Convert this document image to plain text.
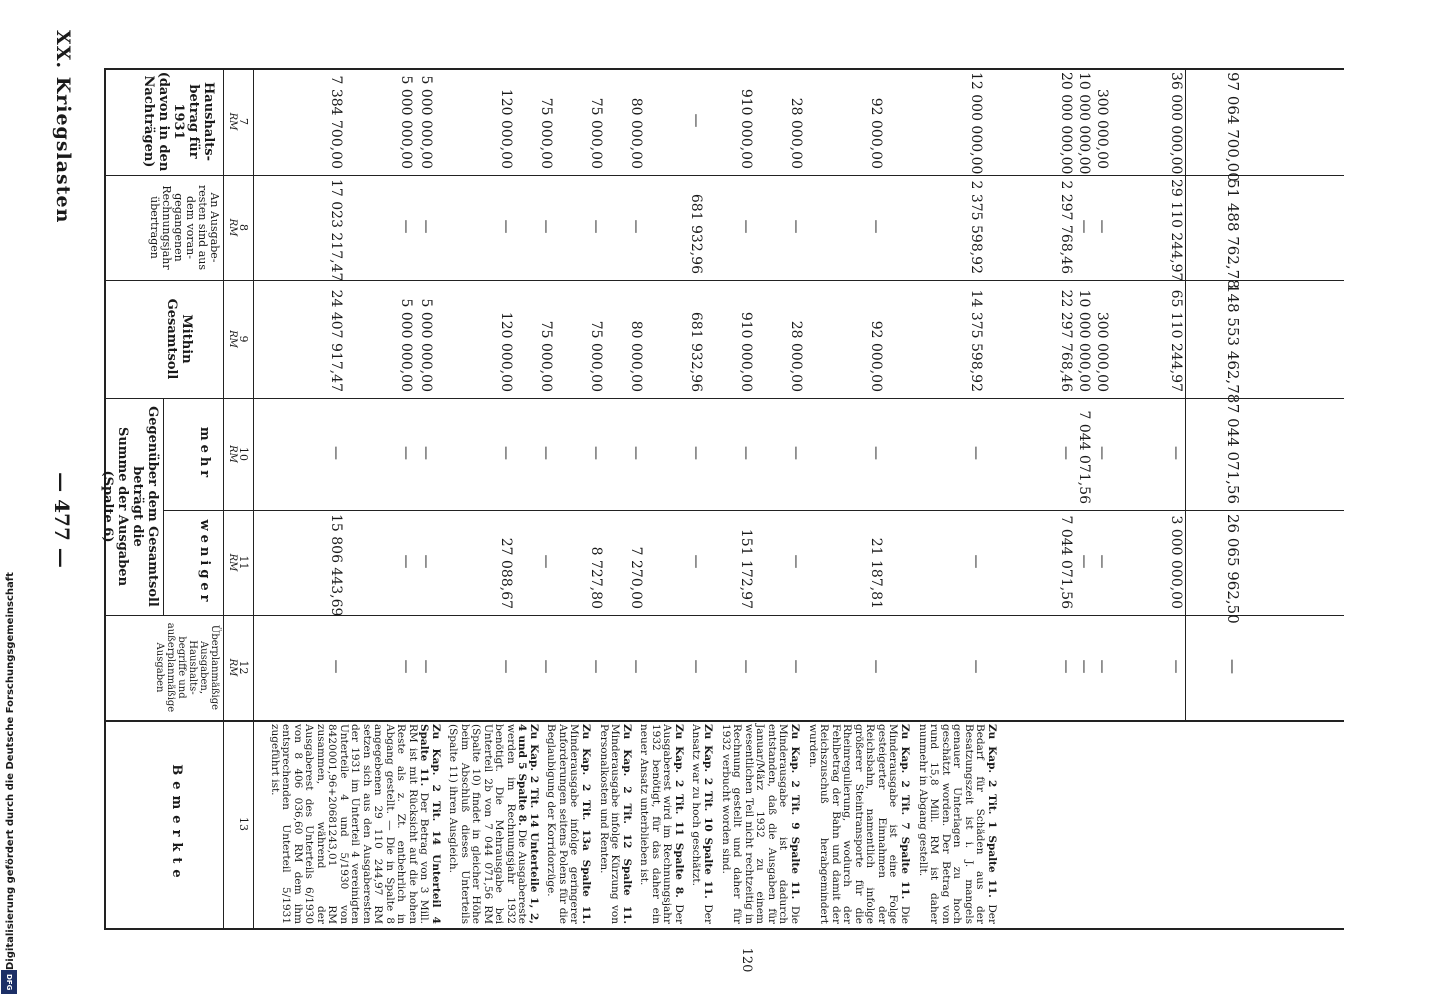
XX. Kriegslasten
— 477 —
Haushalts-
betrag für
1931
(davon in den
Nachträgen)
An Ausgabe-
resten sind aus
dem voran-
gegangenen
Rechnungsjahr
übertragen
Mithin
Gesamtsoll
Gegenüber dem Gesamtsoll
beträgt die
Summe der Ausgaben
(Spalte 6)
mehr
weniger
Überplanmäßige
Ausgaben,
Haushalts-
begriffe und
außerplanmäßige
Ausgaben
Bemerkte
RM
RM
RM
RM
RM
RM
7
8
9
10
11
12
13
7 384 700,00
17 023 217,47
24 407 917,47
—
15 806 443,69
—
5 000 000,00
—
5 000 000,00
—
—
—
5 000 000,00
—
5 000 000,00
—
—
—
120 000,00
—
120 000,00
—
27 088,67
—
75 000,00
—
75 000,00
—
—
—
75 000,00
—
75 000,00
—
8 727,80
—
80 000,00
—
80 000,00
—
7 270,00
—
—
681 932,96
681 932,96
—
—
—
910 000,00
—
910 000,00
—
151 172,97
—
28 000,00
—
28 000,00
—
—
—
92 000,00
—
92 000,00
—
21 187,81
—
12 000 000,00
2 375 598,92
14 375 598,92
—
—
—
20 000 000,00
2 297 768,46
22 297 768,46
—
7 044 071,56
—
10 000 000,00
—
10 000 000,00
7 044 071,56
—
—
300 000,00
—
300 000,00
—
—
—
36 000 000,00
29 110 244,97
65 110 244,97
—
3 000 000,00
—
97 064 700,00
51 488 762,78
148 553 462,78
7 044 071,56
26 065 962,50
—
Zu Kap. 2 Tit. 1 Spalte 11. Der Bedarf für Schäden aus der Besatzungszeit ist i. J. mangels genauer Unterlagen zu hoch geschätzt worden. Der Betrag von rund 15,8 Mill. RM ist daher nunmehr in Abgang gestellt.
Zu Kap. 2 Tit. 7 Spalte 11. Die Minderausgabe ist eine Folge gesteigerter Einnahmen der Reichsbahn, namentlich infolge größerer Steintransporte für die Rheinregulierung, wodurch der Fehlbetrag der Bahn und damit der Reichszuschuß herabgemindert wurden.
Zu Kap. 2 Tit. 9 Spalte 11. Die Minderausgabe ist dadurch entstanden, daß die Ausgaben für Januar/März 1932 zu einem wesentlichen Teil nicht rechtzeitig in Rechnung gestellt und daher für 1932 verbucht worden sind.
Zu Kap. 2 Tit. 10 Spalte 11. Der Ansatz war zu hoch geschätzt.
Zu Kap. 2 Tit. 11 Spalte 8. Der Ausgaberest wird im Rechnungsjahr 1932 benötigt, für das daher ein neuer Ansatz unterblieben ist.
Zu Kap. 2 Tit. 12 Spalte 11. Minderausgabe infolge Kürzung von Personalkosten und Renten.
Zu Kap. 2 Tit. 13a Spalte 11. Minderausgabe infolge geringerer Anforderungen seitens Polens für die Beglaubigung der Korridorzüge.
Zu Kap. 2 Tit. 14 Unterteile 1, 2, 4 und 5 Spalte 8. Die Ausgabereste werden im Rechnungsjahr 1932 benötigt. Die Mehrausgabe bei Unterteil 2b von 7 044 071,56 RM (Spalte 10) findet in gleicher Höhe beim Abschluß dieses Unterteils (Spalte 11) ihren Ausgleich.
Zu Kap. 2 Tit. 14 Unterteil 4 Spalte 11. Der Betrag von 3 Mill. RM ist mit Rücksicht auf die hohen Reste als z. Zt. entbehrlich in Abgang gestellt. — Die in Spalte 8 angegebenen 29 110 244,97 RM setzen sich aus den Ausgaberesten der 1931 im Unterteil 4 vereinigten Unterteile 4 und 5/1930 von 8420001,96+20681243,01 RM zusammen, während der Ausgaberest des Unterteils 6/1930 von 8 406 036,60 RM dem ihm entsprechenden Unterteil 5/1931 zugeführt ist.
120
Digitalisierung gefördert durch die Deutsche Forschungsgemeinschaft
DFG
